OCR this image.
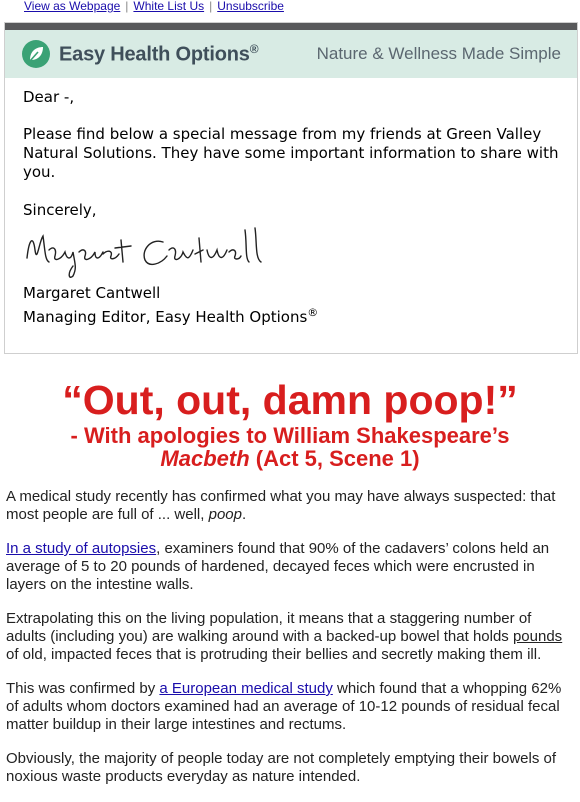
View as Webpage | White List Us | Unsubscribe
Easy Health Options®	Nature & Wellness Made Simple

Dear -,

Please find below a special message from my friends at Green Valley Natural Solutions. They have some important information to share with you.

Sincerely,

Margaret Cantwell

Managing Editor, Easy Health Options®

“Out, out, damn poop!”
- With apologies to William Shakespeare’s
Macbeth (Act 5, Scene 1)

A medical study recently has confirmed what you may have always suspected: that most people are full of ... well, poop.

In a study of autopsies, examiners found that 90% of the cadavers’ colons held an average of 5 to 20 pounds of hardened, decayed feces which were encrusted in layers on the intestine walls.

Extrapolating this on the living population, it means that a staggering number of adults (including you) are walking around with a backed-up bowel that holds pounds of old, impacted feces that is protruding their bellies and secretly making them ill.

This was confirmed by a European medical study which found that a whopping 62% of adults whom doctors examined had an average of 10-12 pounds of residual fecal matter buildup in their large intestines and rectums.

Obviously, the majority of people today are not completely emptying their bowels of noxious waste products everyday as nature intended.
